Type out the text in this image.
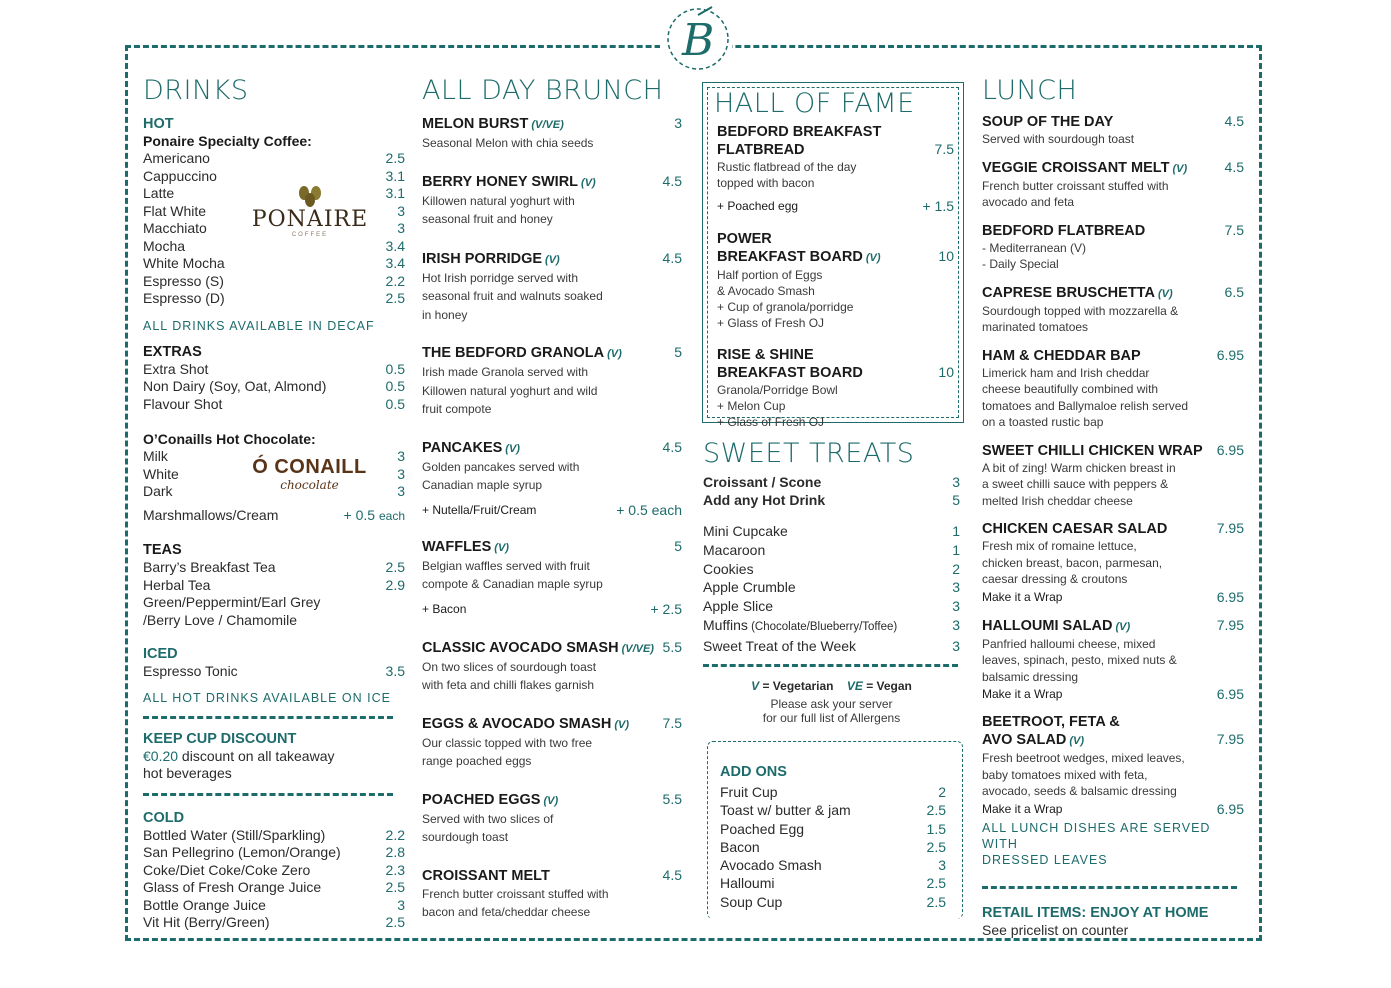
B
DRINKS
HOT
Ponaire Specialty Coffee:
Americano	2.5
Cappuccino	3.1
Latte	3.1
Flat White	3
Macchiato	3
Mocha	3.4
White Mocha	3.4
Espresso (S)	2.2
Espresso (D)	2.5
ALL DRINKS AVAILABLE IN DECAF
EXTRAS
Extra Shot	0.5
Non Dairy (Soy, Oat, Almond)	0.5
Flavour Shot	0.5
O’Conaills Hot Chocolate:
Milk	3
White	3
Dark	3
Marshmallows/Cream	+ 0.5 each
TEAS
Barry’s Breakfast Tea	2.5
Herbal Tea	2.9
Green/Peppermint/Earl Grey
/Berry Love / Chamomile
ICED
Espresso Tonic	3.5
ALL HOT DRINKS AVAILABLE ON ICE
KEEP CUP DISCOUNT
€0.20 discount on all takeaway
hot beverages
COLD
Bottled Water (Still/Sparkling)	2.2
San Pellegrino (Lemon/Orange)	2.8
Coke/Diet Coke/Coke Zero	2.3
Glass of Fresh Orange Juice	2.5
Bottle Orange Juice	3
Vit Hit (Berry/Green)	2.5
PONAIRE
COFFEE
Ó CONAILL
chocolate
ALL DAY BRUNCH
MELON BURST (V/VE)	3
Seasonal Melon with chia seeds
BERRY HONEY SWIRL (V)	4.5
Killowen natural yoghurt with
seasonal fruit and honey
IRISH PORRIDGE (V)	4.5
Hot Irish porridge served with
seasonal fruit and walnuts soaked
in honey
THE BEDFORD GRANOLA (V)	5
Irish made Granola served with
Killowen natural yoghurt and wild
fruit compote
PANCAKES (V)	4.5
Golden pancakes served with
Canadian maple syrup
+ Nutella/Fruit/Cream	+ 0.5 each
WAFFLES (V)	5
Belgian waffles served with fruit
compote & Canadian maple syrup
+ Bacon	+ 2.5
CLASSIC AVOCADO SMASH (V/VE) 5.5
On two slices of sourdough toast
with feta and chilli flakes garnish
EGGS & AVOCADO SMASH (V) 7.5
Our classic topped with two free
range poached eggs
POACHED EGGS (V)	5.5
Served with two slices of
sourdough toast
CROISSANT MELT	4.5
French butter croissant stuffed with
bacon and feta/cheddar cheese
HALL OF FAME
BEDFORD BREAKFAST
FLATBREAD	7.5
Rustic flatbread of the day
topped with bacon
+ Poached egg	+ 1.5
POWER
BREAKFAST BOARD (V)	10
Half portion of Eggs
& Avocado Smash
+ Cup of granola/porridge
+ Glass of Fresh OJ
RISE & SHINE
BREAKFAST BOARD	10
Granola/Porridge Bowl
+ Melon Cup
+ Glass of Fresh OJ
SWEET TREATS
Croissant / Scone	3
Add any Hot Drink	5
Mini Cupcake	1
Macaroon	1
Cookies	2
Apple Crumble	3
Apple Slice	3
Muffins (Chocolate/Blueberry/Toffee)	3
Sweet Treat of the Week	3
V = Vegetarian VE = Vegan
Please ask your server
for our full list of Allergens
ADD ONS
Fruit Cup	2
Toast w/ butter & jam	2.5
Poached Egg	1.5
Bacon	2.5
Avocado Smash	3
Halloumi	2.5
Soup Cup	2.5
LUNCH
SOUP OF THE DAY	4.5
Served with sourdough toast
VEGGIE CROISSANT MELT (V)	4.5
French butter croissant stuffed with
avocado and feta
BEDFORD FLATBREAD	7.5
- Mediterranean (V)
- Daily Special
CAPRESE BRUSCHETTA (V)	6.5
Sourdough topped with mozzarella &
marinated tomatoes
HAM & CHEDDAR BAP	6.95
Limerick ham and Irish cheddar
cheese beautifully combined with
tomatoes and Ballymaloe relish served
on a toasted rustic bap
SWEET CHILLI CHICKEN WRAP 6.95
A bit of zing! Warm chicken breast in
a sweet chilli sauce with peppers &
melted Irish cheddar cheese
CHICKEN CAESAR SALAD	7.95
Fresh mix of romaine lettuce,
chicken breast, bacon, parmesan,
caesar dressing & croutons
Make it a Wrap	6.95
HALLOUMI SALAD (V)	7.95
Panfried halloumi cheese, mixed
leaves, spinach, pesto, mixed nuts &
balsamic dressing
Make it a Wrap	6.95
BEETROOT, FETA &
AVO SALAD (V)	7.95
Fresh beetroot wedges, mixed leaves,
baby tomatoes mixed with feta,
avocado, seeds & balsamic dressing
Make it a Wrap	6.95
ALL LUNCH DISHES ARE SERVED WITH
DRESSED LEAVES
RETAIL ITEMS: ENJOY AT HOME
See pricelist on counter
